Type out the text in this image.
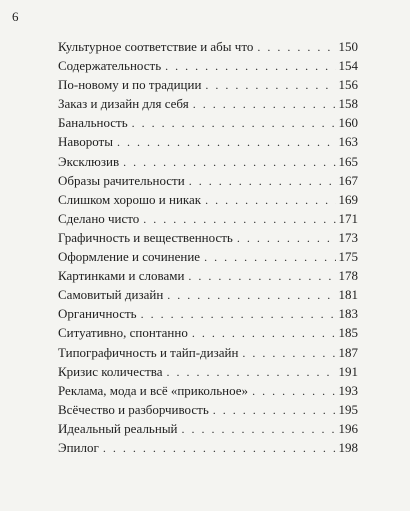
6
Культурное соответствие и абы что . . .	150
Содержательность . . .	154
По-новому и по традиции . . .	156
Заказ и дизайн для себя . . .	158
Банальность . . .	160
Навороты . . .	163
Эксклюзив . . .	165
Образы рачительности . . .	167
Слишком хорошо и никак . . .	169
Сделано чисто . . .	171
Графичность и вещественность . . .	173
Оформление и сочинение . . .	175
Картинками и словами . . .	178
Самовитый дизайн . . .	181
Органичность . . .	183
Ситуативно, спонтанно . . .	185
Типографичность и тайп-дизайн . . .	187
Кризис количества . . .	191
Реклама, мода и всё «прикольное» . . .	193
Всёчество и разборчивость . . .	195
Идеальный реальный . . .	196
Эпилог . . .	198
